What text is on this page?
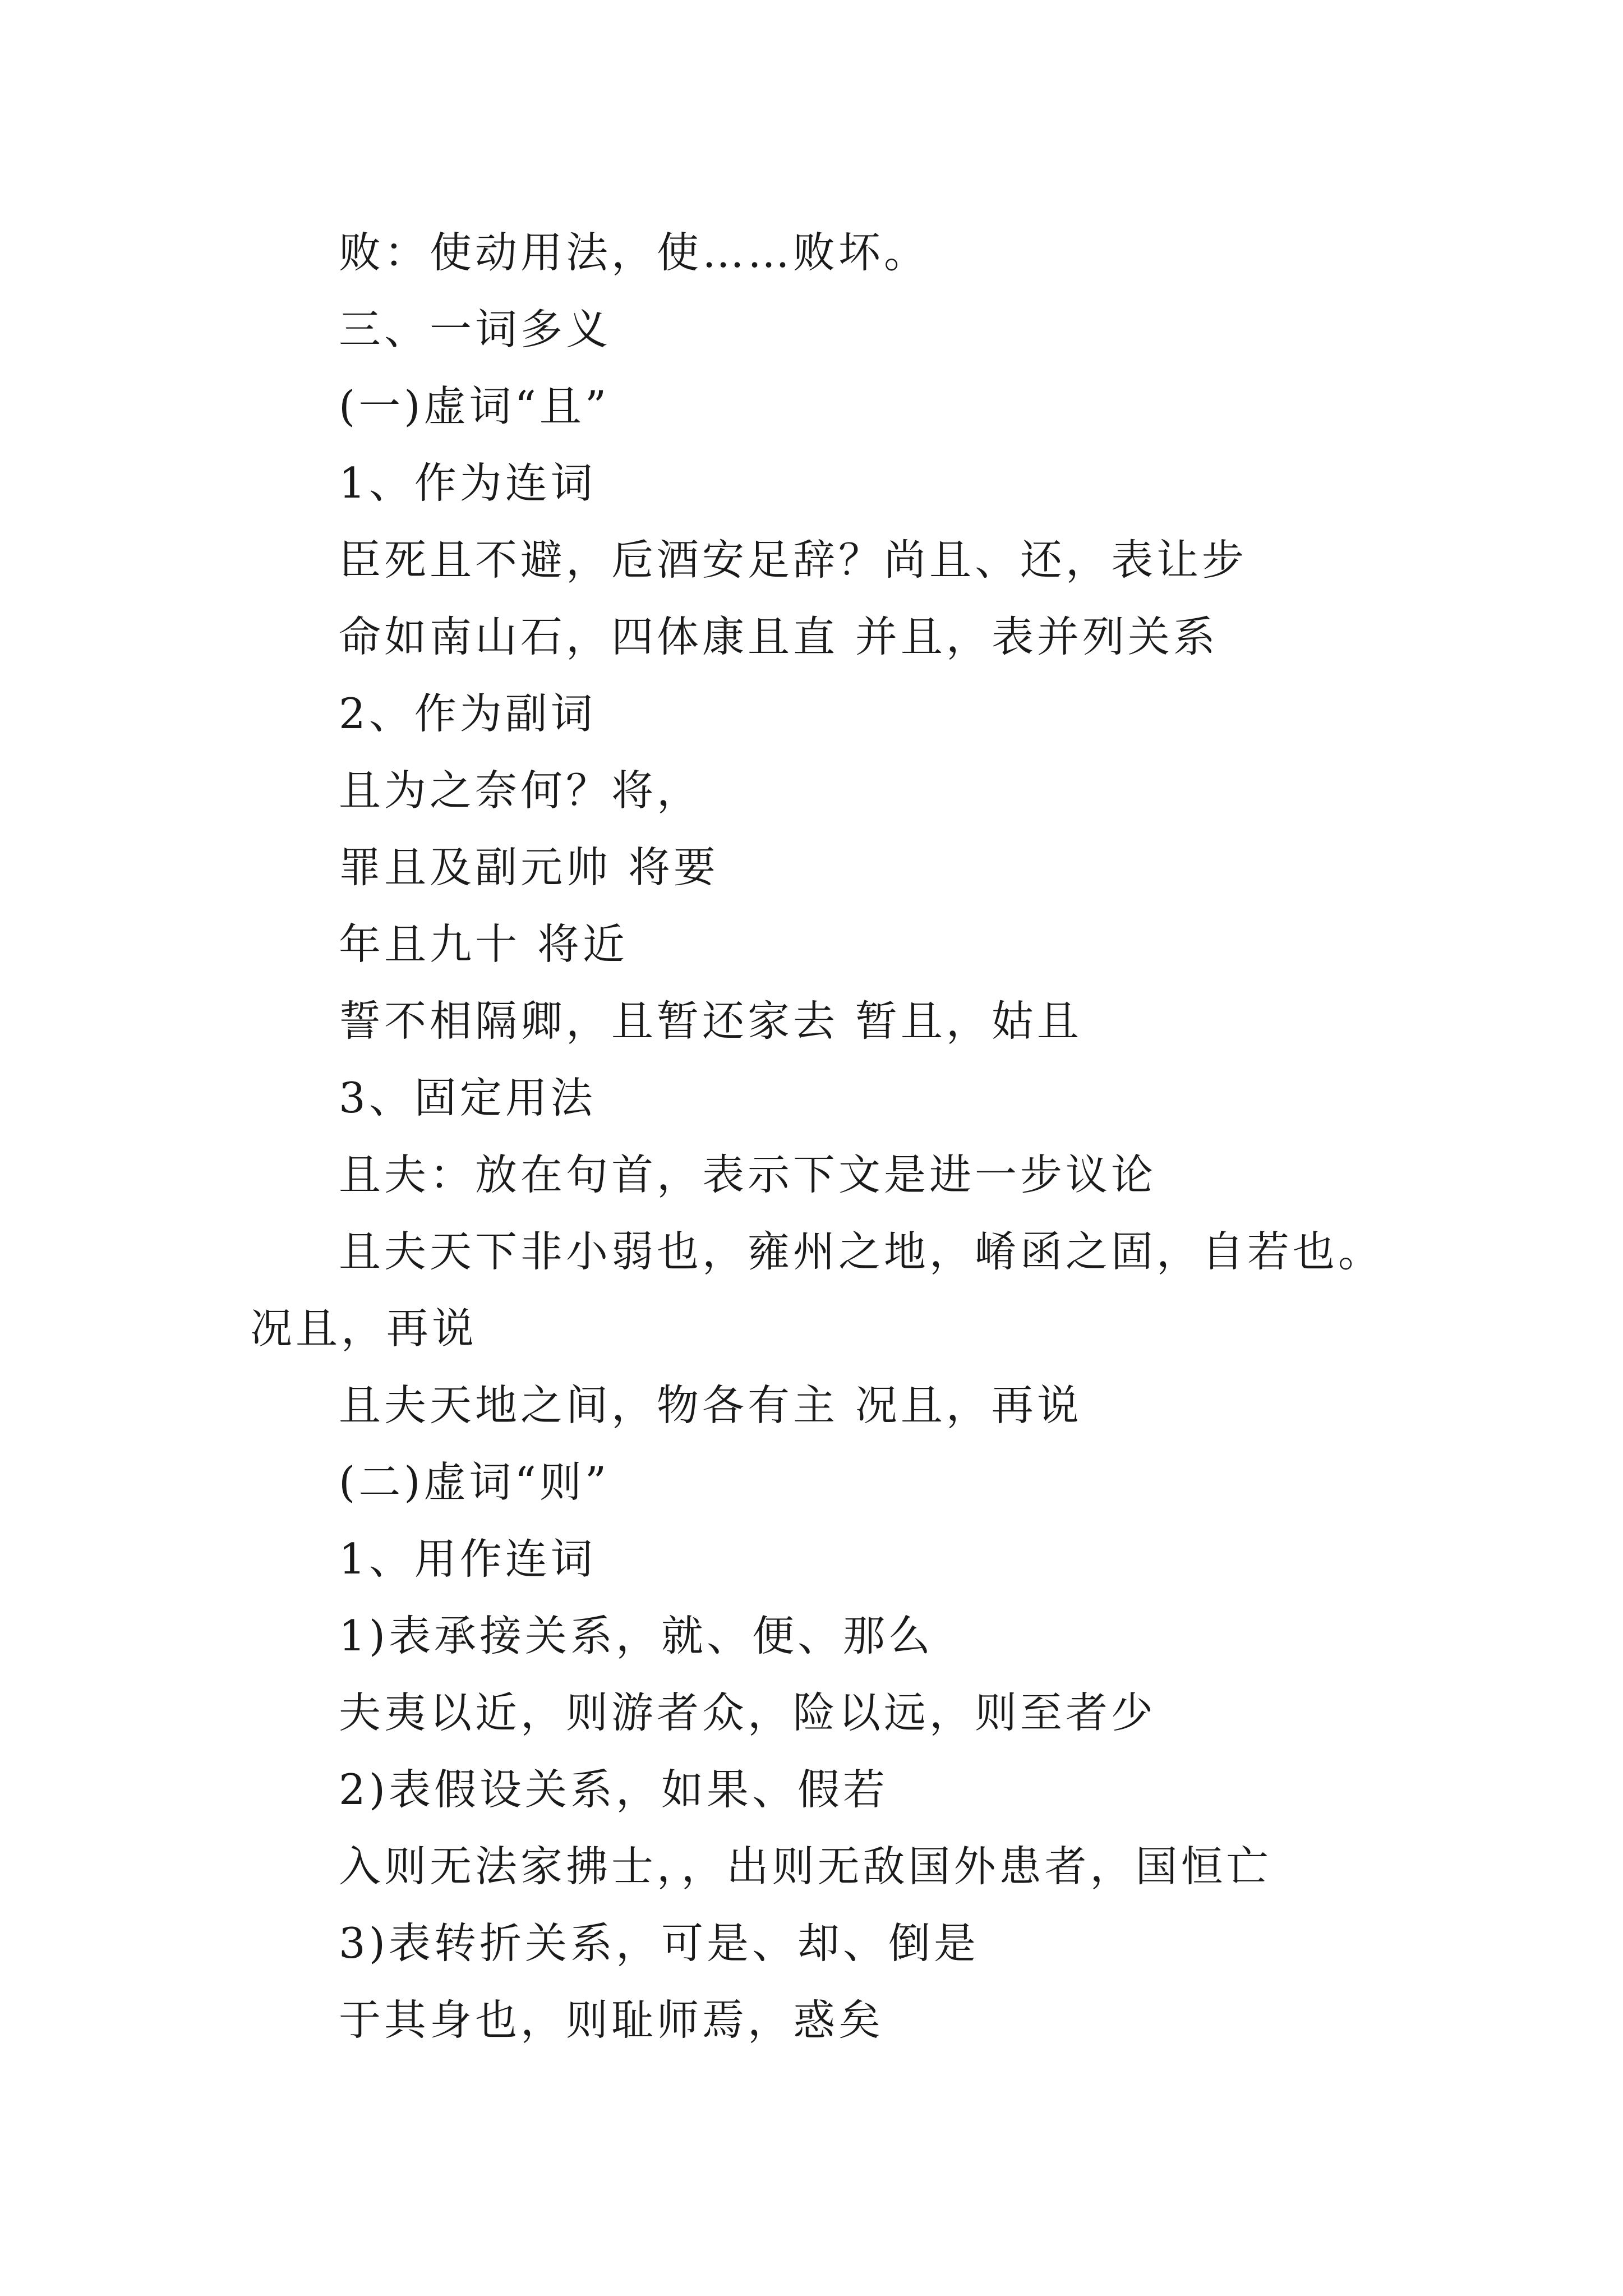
败：使动用法，使……败坏。
三、一词多义
(一)虚词“且”
1、作为连词
臣死且不避，卮酒安足辞？尚且、还，表让步
命如南山石，四体康且直 并且，表并列关系
2、作为副词
且为之奈何？将，
罪且及副元帅 将要
年且九十 将近
誓不相隔卿，且暂还家去 暂且，姑且
3、固定用法
且夫：放在句首，表示下文是进一步议论
且夫天下非小弱也，雍州之地，崤函之固，自若也。况且，再说
且夫天地之间，物各有主 况且，再说
(二)虚词“则”
1、用作连词
1)表承接关系，就、便、那么
夫夷以近，则游者众，险以远，则至者少
2)表假设关系，如果、假若
入则无法家拂士，，出则无敌国外患者，国恒亡
3)表转折关系，可是、却、倒是
于其身也，则耻师焉，惑矣
